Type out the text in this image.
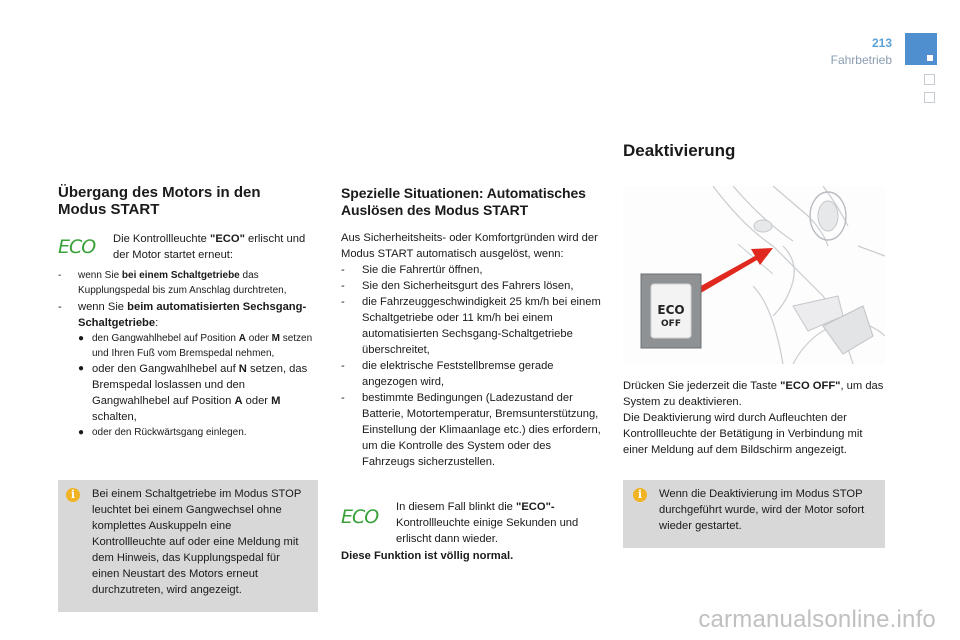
213
Fahrbetrieb
Übergang des Motors in den Modus START
ECO Die Kontrollleuchte "ECO" erlischt und der Motor startet erneut:
- wenn Sie bei einem Schaltgetriebe das Kupplungspedal bis zum Anschlag durchtreten,
- wenn Sie beim automatisierten Sechsgang-Schaltgetriebe:
● den Gangwahlhebel auf Position A oder M setzen und Ihren Fuß vom Bremspedal nehmen,
● oder den Gangwahlhebel auf N setzen, das Bremspedal loslassen und den Gangwahlhebel auf Position A oder M schalten,
● oder den Rückwärtsgang einlegen.
i	Bei einem Schaltgetriebe im Modus STOP leuchtet bei einem Gangwechsel ohne komplettes Auskuppeln eine Kontrollleuchte auf oder eine Meldung mit dem Hinweis, das Kupplungspedal für einen Neustart des Motors erneut durchzutreten, wird angezeigt.
Spezielle Situationen: Automatisches Auslösen des Modus START
Aus Sicherheitsheits- oder Komfortgründen wird der Modus START automatisch ausgelöst, wenn:
- Sie die Fahrertür öffnen,
- Sie den Sicherheitsgurt des Fahrers lösen,
- die Fahrzeuggeschwindigkeit 25 km/h bei einem Schaltgetriebe oder 11 km/h bei einem automatisierten Sechsgang-Schaltgetriebe überschreitet,
- die elektrische Feststellbremse gerade angezogen wird,
- bestimmte Bedingungen (Ladezustand der Batterie, Motortemperatur, Bremsunterstützung, Einstellung der Klimaanlage etc.) dies erfordern, um die Kontrolle des System oder des Fahrzeugs sicherzustellen.
ECO In diesem Fall blinkt die "ECO"- Kontrollleuchte einige Sekunden und erlischt dann wieder.
Diese Funktion ist völlig normal.
Deaktivierung
ECO
OFF
Drücken Sie jederzeit die Taste "ECO OFF", um das System zu deaktivieren.
Die Deaktivierung wird durch Aufleuchten der Kontrollleuchte der Betätigung in Verbindung mit einer Meldung auf dem Bildschirm angezeigt.
i	Wenn die Deaktivierung im Modus STOP durchgeführt wurde, wird der Motor sofort wieder gestartet.
carmanualsonline.info
